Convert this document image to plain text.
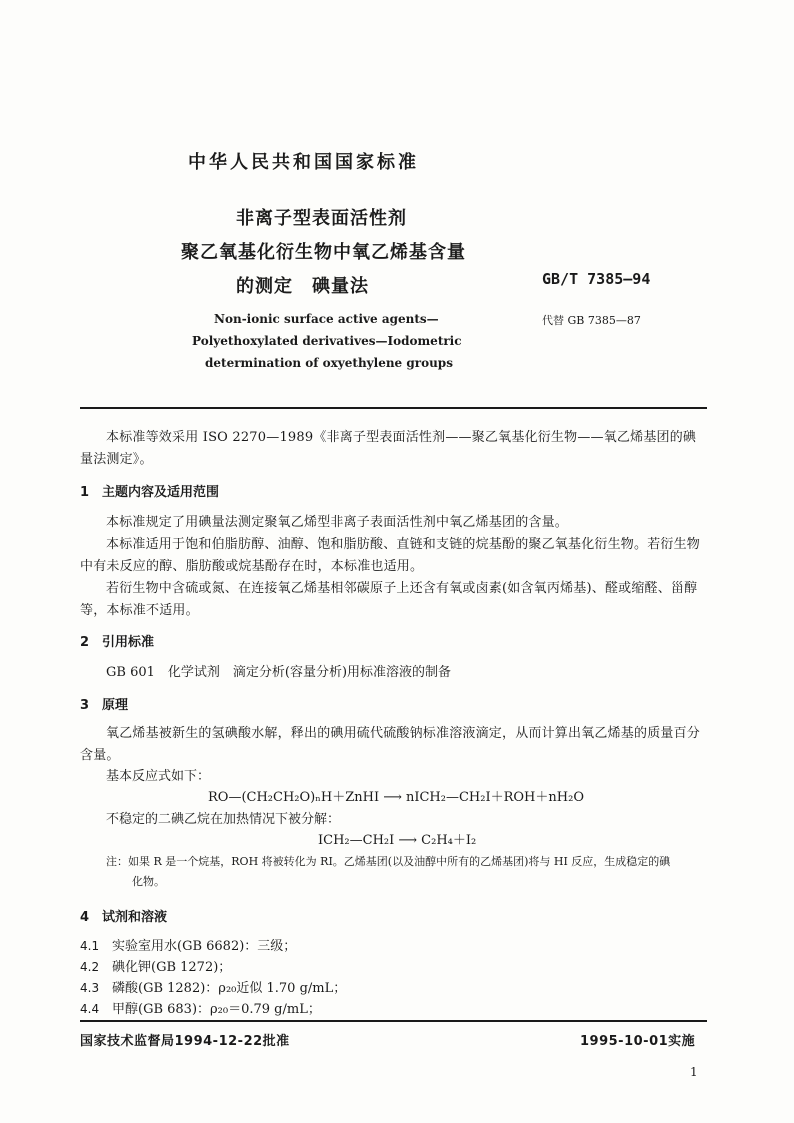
中华人民共和国国家标准
非离子型表面活性剂
聚乙氧基化衍生物中氧乙烯基含量
的测定　碘量法	GB/T 7385—94
代替 GB 7385—87
Non-ionic surface active agents—
Polyethoxylated derivatives—Iodometric
determination of oxyethylene groups
本标准等效采用 ISO 2270—1989《非离子型表面活性剂——聚乙氧基化衍生物——氧乙烯基团的碘量法测定》。
1 主题内容及适用范围
本标准规定了用碘量法测定聚氧乙烯型非离子表面活性剂中氧乙烯基团的含量。
本标准适用于饱和伯脂肪醇、油醇、饱和脂肪酸、直链和支链的烷基酚的聚乙氧基化衍生物。若衍生物中有未反应的醇、脂肪酸或烷基酚存在时，本标准也适用。
若衍生物中含硫或氮、在连接氧乙烯基相邻碳原子上还含有氧或卤素(如含氧丙烯基)、醛或缩醛、甾醇等，本标准不适用。
2 引用标准
GB 601　化学试剂　滴定分析(容量分析)用标准溶液的制备
3 原理
氧乙烯基被新生的氢碘酸水解，释出的碘用硫代硫酸钠标准溶液滴定，从而计算出氧乙烯基的质量百分含量。
基本反应式如下：
RO—(CH₂CH₂O)ₙH＋ZnHI ⟶ nICH₂—CH₂I＋ROH＋nH₂O
不稳定的二碘乙烷在加热情况下被分解：
ICH₂—CH₂I ⟶ C₂H₄＋I₂
注：如果 R 是一个烷基，ROH 将被转化为 RI。乙烯基团(以及油醇中所有的乙烯基团)将与 HI 反应，生成稳定的碘
化物。
4 试剂和溶液
4.1 实验室用水(GB 6682)：三级；
4.2 碘化钾(GB 1272)；
4.3 磷酸(GB 1282)：ρ₂₀近似 1.70 g/mL；
4.4 甲醇(GB 683)：ρ₂₀＝0.79 g/mL；
国家技术监督局1994-12-22批准	1995-10-01实施
1
